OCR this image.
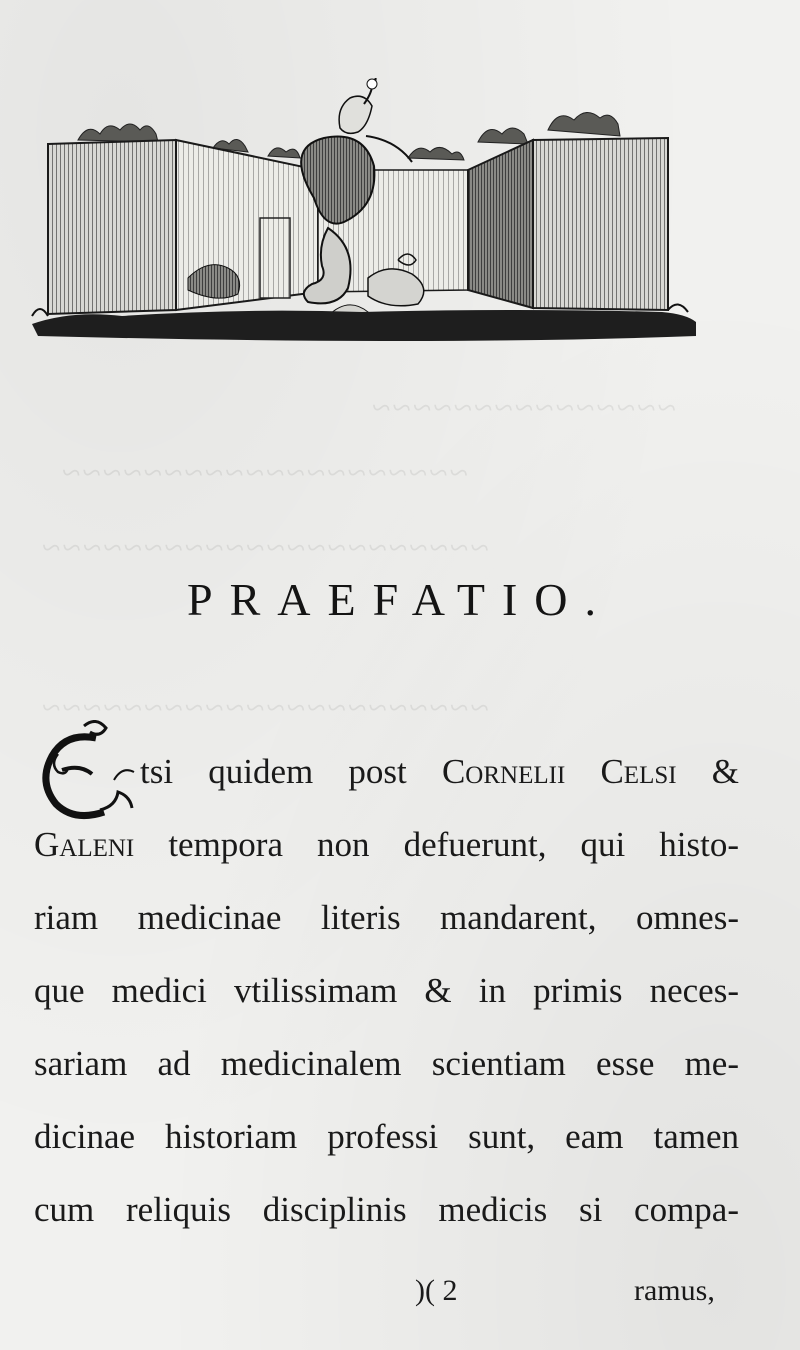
~~~~~~~~~~~~~~~
~~~~~~~~~~~~~~~~~~~~
~~~~~~~~~~~~~~~~~~~~~~
~~~~~~~~~~~~~~~~~~~~~~
PRAEFATIO.
tsi quidem post Cornelii Celsi &
Galeni tempora non defuerunt, qui histo-
riam medicinae literis mandarent, omnes-
que medici vtilissimam & in primis neces-
sariam ad medicinalem scientiam esse me-
dicinae historiam professi sunt, eam tamen
cum reliquis disciplinis medicis si compa-
)( 2	ramus,
